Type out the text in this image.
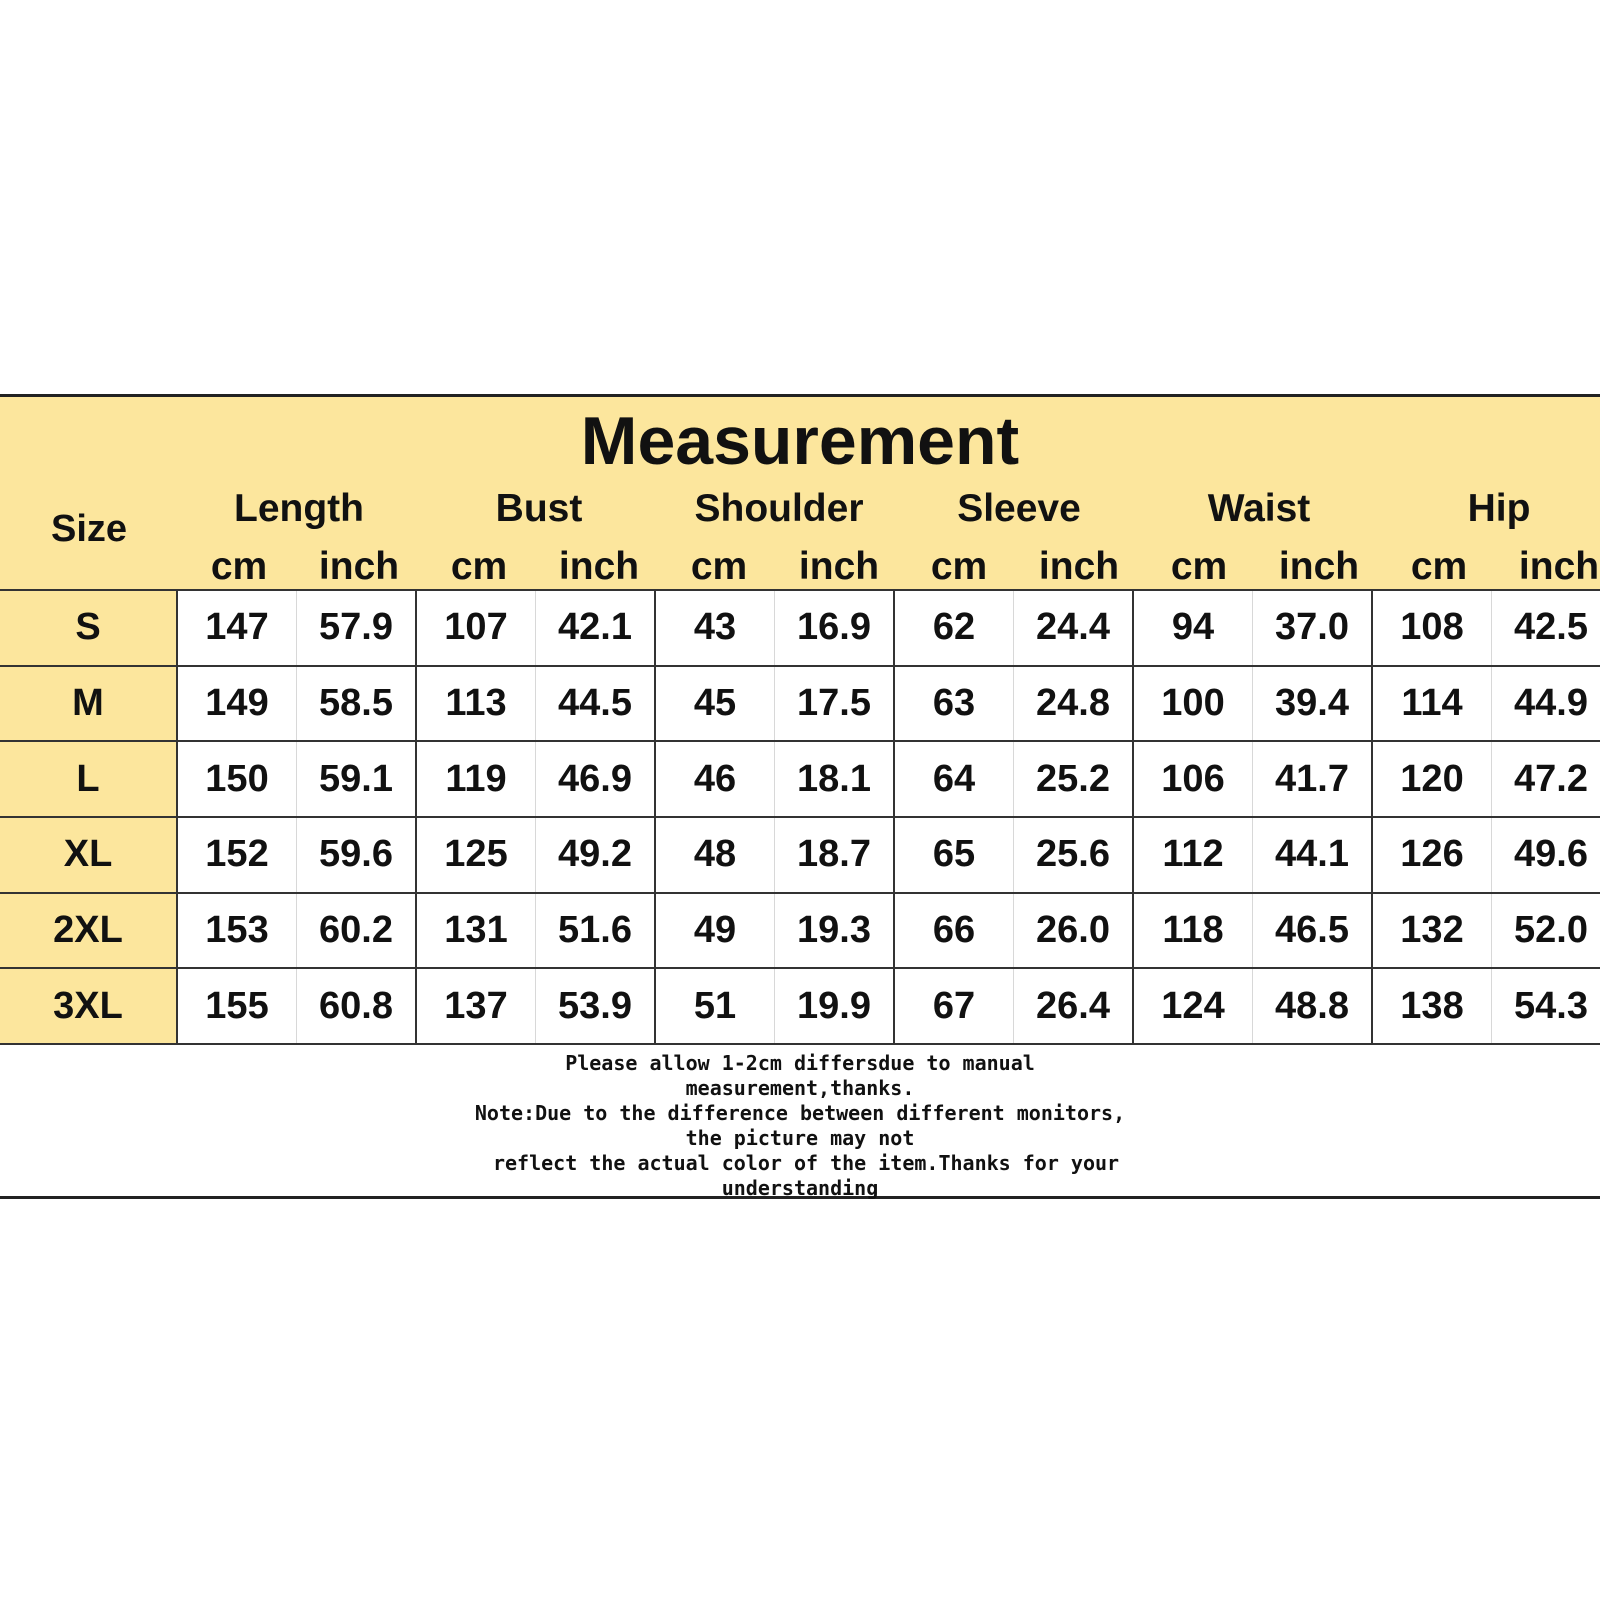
Measurement
Size	Length	Bust	Shoulder	Sleeve	Waist	Hip
cm	inch	cm	inch	cm	inch	cm	inch	cm	inch	cm	inch
S	147	57.9	107	42.1	43	16.9	62	24.4	94	37.0	108	42.5
M	149	58.5	113	44.5	45	17.5	63	24.8	100	39.4	114	44.9
L	150	59.1	119	46.9	46	18.1	64	25.2	106	41.7	120	47.2
XL	152	59.6	125	49.2	48	18.7	65	25.6	112	44.1	126	49.6
2XL	153	60.2	131	51.6	49	19.3	66	26.0	118	46.5	132	52.0
3XL	155	60.8	137	53.9	51	19.9	67	26.4	124	48.8	138	54.3
Please allow 1-2cm differsdue to manual
measurement,thanks.
Note:Due to the difference between different monitors,
the picture may not
reflect the actual color of the item.Thanks for your
understanding
